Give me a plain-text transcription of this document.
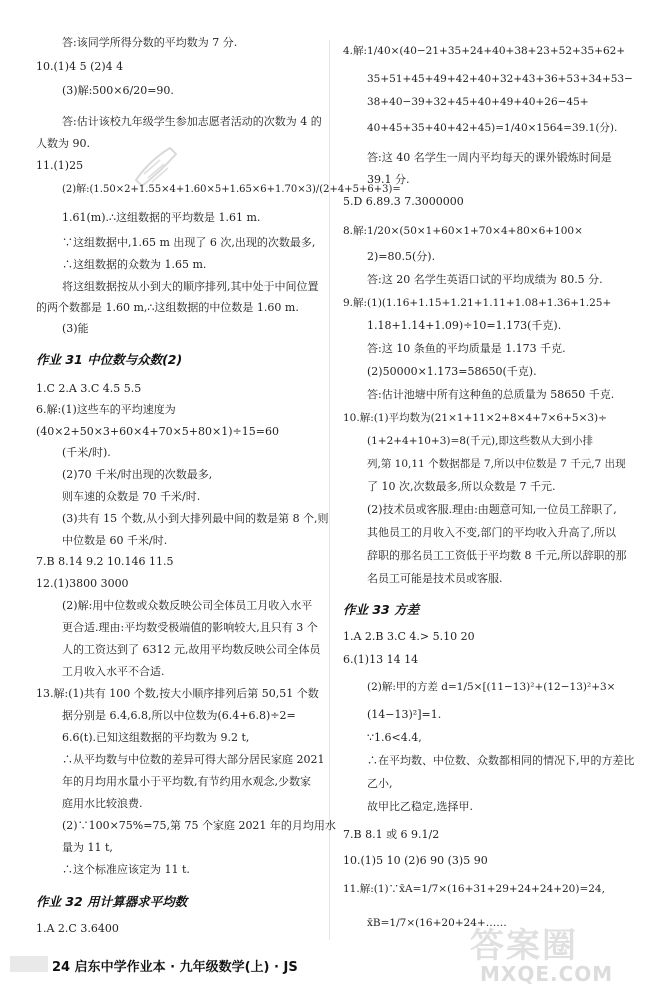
答:该同学所得分数的平均数为 7 分.
10.(1)4 5 (2)4 4
(3)解:500×6/20=90.
答:估计该校九年级学生参加志愿者活动的次数为 4 的
人数为 90.
11.(1)25
(2)解:(1.50×2+1.55×4+1.60×5+1.65×6+1.70×3)/(2+4+5+6+3)=
1.61(m).∴这组数据的平均数是 1.61 m.
∵这组数据中,1.65 m 出现了 6 次,出现的次数最多,
∴这组数据的众数为 1.65 m.
将这组数据按从小到大的顺序排列,其中处于中间位置
的两个数都是 1.60 m,∴这组数据的中位数是 1.60 m.
(3)能
作业 31 中位数与众数(2)
1.C 2.A 3.C 4.5 5.5
6.解:(1)这些车的平均速度为
(40×2+50×3+60×4+70×5+80×1)÷15=60
(千米/时).
(2)70 千米/时出现的次数最多,
则车速的众数是 70 千米/时.
(3)共有 15 个数,从小到大排列最中间的数是第 8 个,则
中位数是 60 千米/时.
7.B 8.14 9.2 10.146 11.5
12.(1)3800 3000
(2)解:用中位数或众数反映公司全体员工月收入水平
更合适.理由:平均数受极端值的影响较大,且只有 3 个
人的工资达到了 6312 元,故用平均数反映公司全体员
工月收入水平不合适.
13.解:(1)共有 100 个数,按大小顺序排列后第 50,51 个数
据分别是 6.4,6.8,所以中位数为(6.4+6.8)÷2=
6.6(t).已知这组数据的平均数为 9.2 t,
∴从平均数与中位数的差异可得大部分居民家庭 2021
年的月均用水量小于平均数,有节约用水观念,少数家
庭用水比较浪费.
(2)∵100×75%=75,第 75 个家庭 2021 年的月均用水
量为 11 t,
∴这个标准应该定为 11 t.
作业 32 用计算器求平均数
1.A 2.C 3.6400
4.解:1/40×(40−21+35+24+40+38+23+52+35+62+
35+51+45+49+42+40+32+43+36+53+34+53−
38+40−39+32+45+40+49+40+26−45+
40+45+35+40+42+45)=1/40×1564=39.1(分).
答:这 40 名学生一周内平均每天的课外锻炼时间是
39.1 分.
5.D 6.89.3 7.3000000
8.解:1/20×(50×1+60×1+70×4+80×6+100×
2)=80.5(分).
答:这 20 名学生英语口试的平均成绩为 80.5 分.
9.解:(1)(1.16+1.15+1.21+1.11+1.08+1.36+1.25+
1.18+1.14+1.09)÷10=1.173(千克).
答:这 10 条鱼的平均质量是 1.173 千克.
(2)50000×1.173=58650(千克).
答:估计池塘中所有这种鱼的总质量为 58650 千克.
10.解:(1)平均数为(21×1+11×2+8×4+7×6+5×3)÷
(1+2+4+10+3)=8(千元),即这些数从大到小排
列,第 10,11 个数据都是 7,所以中位数是 7 千元,7 出现
了 10 次,次数最多,所以众数是 7 千元.
(2)技术员或客服.理由:由题意可知,一位员工辞职了,
其他员工的月收入不变,部门的平均收入升高了,所以
辞职的那名员工工资低于平均数 8 千元,所以辞职的那
名员工可能是技术员或客服.
作业 33 方差
1.A 2.B 3.C 4.> 5.10 20
6.(1)13 14 14
(2)解:甲的方差 d=1/5×[(11−13)²+(12−13)²+3×
(14−13)²]=1.
∵1.6<4.4,
∴在平均数、中位数、众数都相同的情况下,甲的方差比
乙小,
故甲比乙稳定,选择甲.
7.B 8.1 或 6 9.1/2
10.(1)5 10 (2)6 90 (3)5 90
11.解:(1)∵x̄A=1/7×(16+31+29+24+24+20)=24,
x̄B=1/7×(16+20+24+……
24 启东中学作业本 · 九年级数学(上) · JS
答案圈
MXQE.COM
